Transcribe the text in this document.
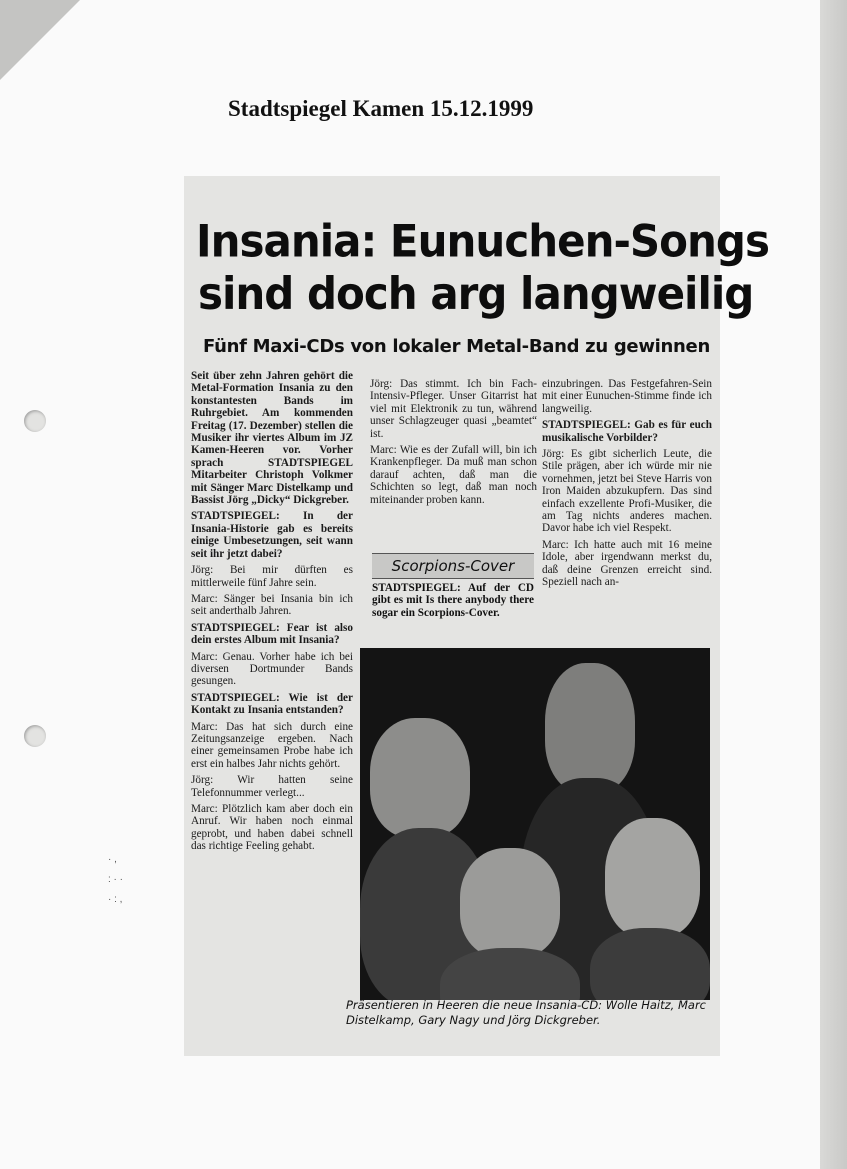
Stadtspiegel Kamen 15.12.1999
Insania: Eunuchen-Songs
sind doch arg langweilig
Fünf Maxi-CDs von lokaler Metal-Band zu gewinnen

Seit über zehn Jahren gehört die Metal-Formation Insania zu den konstantesten Bands im Ruhrgebiet. Am kommenden Freitag (17. Dezember) stellen die Musiker ihr viertes Album im JZ Kamen-Heeren vor. Vorher sprach STADTSPIEGEL Mitarbeiter Christoph Volkmer mit Sänger Marc Distelkamp und Bassist Jörg „Dicky“ Dickgreber.

STADTSPIEGEL: In der Insania-Historie gab es bereits einige Umbesetzungen, seit wann seit ihr jetzt dabei?

Jörg: Bei mir dürften es mittlerweile fünf Jahre sein.

Marc: Sänger bei Insania bin ich seit anderthalb Jahren.

STADTSPIEGEL: Fear ist also dein erstes Album mit Insania?

Marc: Genau. Vorher habe ich bei diversen Dortmunder Bands gesungen.

STADTSPIEGEL: Wie ist der Kontakt zu Insania entstanden?

Marc: Das hat sich durch eine Zeitungsanzeige ergeben. Nach einer gemeinsamen Probe habe ich erst ein halbes Jahr nichts gehört.

Jörg: Wir hatten seine Telefonnummer verlegt...

Marc: Plötzlich kam aber doch ein Anruf. Wir haben noch einmal geprobt, und haben dabei schnell das richtige Feeling gehabt.

Jörg: Das stimmt. Ich bin Fach-Intensiv-Pfleger. Unser Gitarrist hat viel mit Elektronik zu tun, während unser Schlagzeuger quasi „beamtet“ ist.

Marc: Wie es der Zufall will, bin ich Krankenpfleger. Da muß man schon darauf achten, daß man die Schichten so legt, daß man noch miteinander proben kann.

Scorpions-Cover

STADTSPIEGEL: Auf der CD gibt es mit Is there anybody there sogar ein Scorpions-Cover.

einzubringen. Das Festgefahren-Sein mit einer Eunuchen-Stimme finde ich langweilig.

STADTSPIEGEL: Gab es für euch musikalische Vorbilder?

Jörg: Es gibt sicherlich Leute, die Stile prägen, aber ich würde mir nie vornehmen, jetzt bei Steve Harris von Iron Maiden abzukupfern. Das sind einfach exzellente Profi-Musiker, die am Tag nichts anderes machen. Davor habe ich viel Respekt.

Marc: Ich hatte auch mit 16 meine Idole, aber irgendwann merkst du, daß deine Grenzen erreicht sind. Speziell nach an-

Präsentieren in Heeren die neue Insania-CD: Wolle Haitz, Marc Distelkamp, Gary Nagy und Jörg Dickgreber.
· ,
: · ·
· : ,
